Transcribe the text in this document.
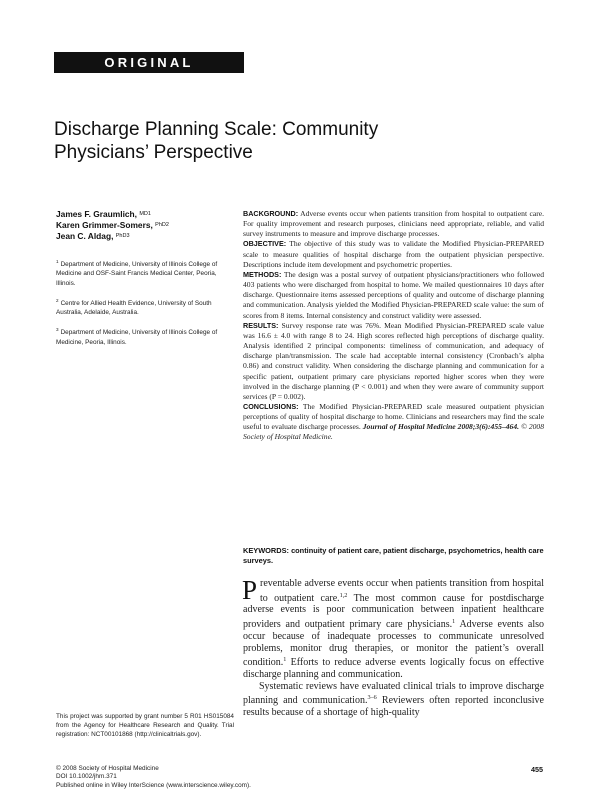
ORIGINAL RESEARCH
Discharge Planning Scale: Community
Physicians’ Perspective
James F. Graumlich, $^{MD1}$
Karen Grimmer-Somers, $^{PhD2}$
Jean C. Aldag, $^{PhD3}$
$^1$ Department of Medicine, University of Illinois College of Medicine and OSF-Saint Francis Medical Center, Peoria, Illinois.
$^2$ Centre for Allied Health Evidence, University of South Australia, Adelaide, Australia.
$^3$ Department of Medicine, University of Illinois College of Medicine, Peoria, Illinois.

BACKGROUND: Adverse events occur when patients transition from hospital to outpatient care. For quality improvement and research purposes, clinicians need appropriate, reliable, and valid survey instruments to measure and improve discharge processes.

OBJECTIVE: The objective of this study was to validate the Modified Physician-PREPARED scale to measure qualities of hospital discharge from the outpatient physician perspective. Descriptions include item development and psychometric properties.

METHODS: The design was a postal survey of outpatient physicians/practitioners who followed 403 patients who were discharged from hospital to home. We mailed questionnaires 10 days after discharge. Questionnaire items assessed perceptions of quality and outcome of discharge planning and communication. Analysis yielded the Modified Physician-PREPARED scale value: the sum of scores from 8 items. Internal consistency and construct validity were assessed.

RESULTS: Survey response rate was 76%. Mean Modified Physician-PREPARED scale value was 16.6 ± 4.0 with range 8 to 24. High scores reflected high perceptions of discharge quality. Analysis identified 2 principal components: timeliness of communication, and adequacy of discharge plan/transmission. The scale had acceptable internal consistency (Cronbach’s alpha 0.86) and construct validity. When considering the discharge planning and communication for a specific patient, outpatient primary care physicians reported higher scores when they were involved in the discharge planning (P < 0.001) and when they were aware of community support services (P = 0.002).

CONCLUSIONS: The Modified Physician-PREPARED scale measured outpatient physician perceptions of quality of hospital discharge to home. Clinicians and researchers may find the scale useful to evaluate discharge processes. Journal of Hospital Medicine 2008;3(6):455–464. © 2008 Society of Hospital Medicine.

KEYWORDS: continuity of patient care, patient discharge, psychometrics, health care surveys.

Preventable adverse events occur when patients transition from hospital to outpatient care.$^{1,2}$ The most common cause for postdischarge adverse events is poor communication between inpatient healthcare providers and outpatient primary care physicians.$^1$ Adverse events also occur because of inadequate processes to communicate unresolved problems, monitor drug therapies, or monitor the patient’s overall condition.$^1$ Efforts to reduce adverse events logically focus on effective discharge planning and communication.

Systematic reviews have evaluated clinical trials to improve discharge planning and communication.$^{3-6}$ Reviewers often reported inconclusive results because of a shortage of high-quality

This project was supported by grant number 5 R01 HS015084 from the Agency for Healthcare Research and Quality. Trial registration: NCT00101868 (http://clinicaltrials.gov).
© 2008 Society of Hospital Medicine
DOI 10.1002/jhm.371
Published online in Wiley InterScience (www.interscience.wiley.com).
455
